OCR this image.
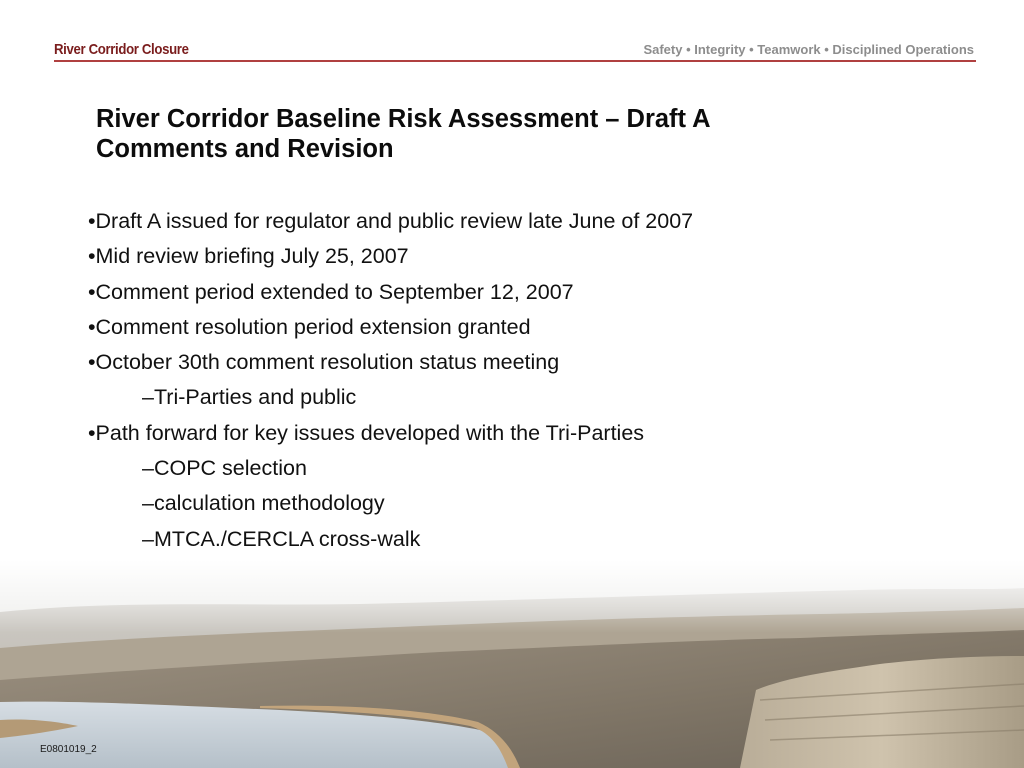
River Corridor Closure	Safety • Integrity • Teamwork • Disciplined Operations
River Corridor Baseline Risk Assessment – Draft A
Comments and Revision
•Draft A issued for regulator and public review late June of 2007
•Mid review briefing July 25, 2007
•Comment period extended to September 12, 2007
•Comment resolution period extension granted
•October 30th comment resolution status meeting
–Tri-Parties and public
•Path forward for key issues developed with the Tri-Parties
–COPC selection
–calculation methodology
–MTCA./CERCLA cross-walk
E0801019_2
